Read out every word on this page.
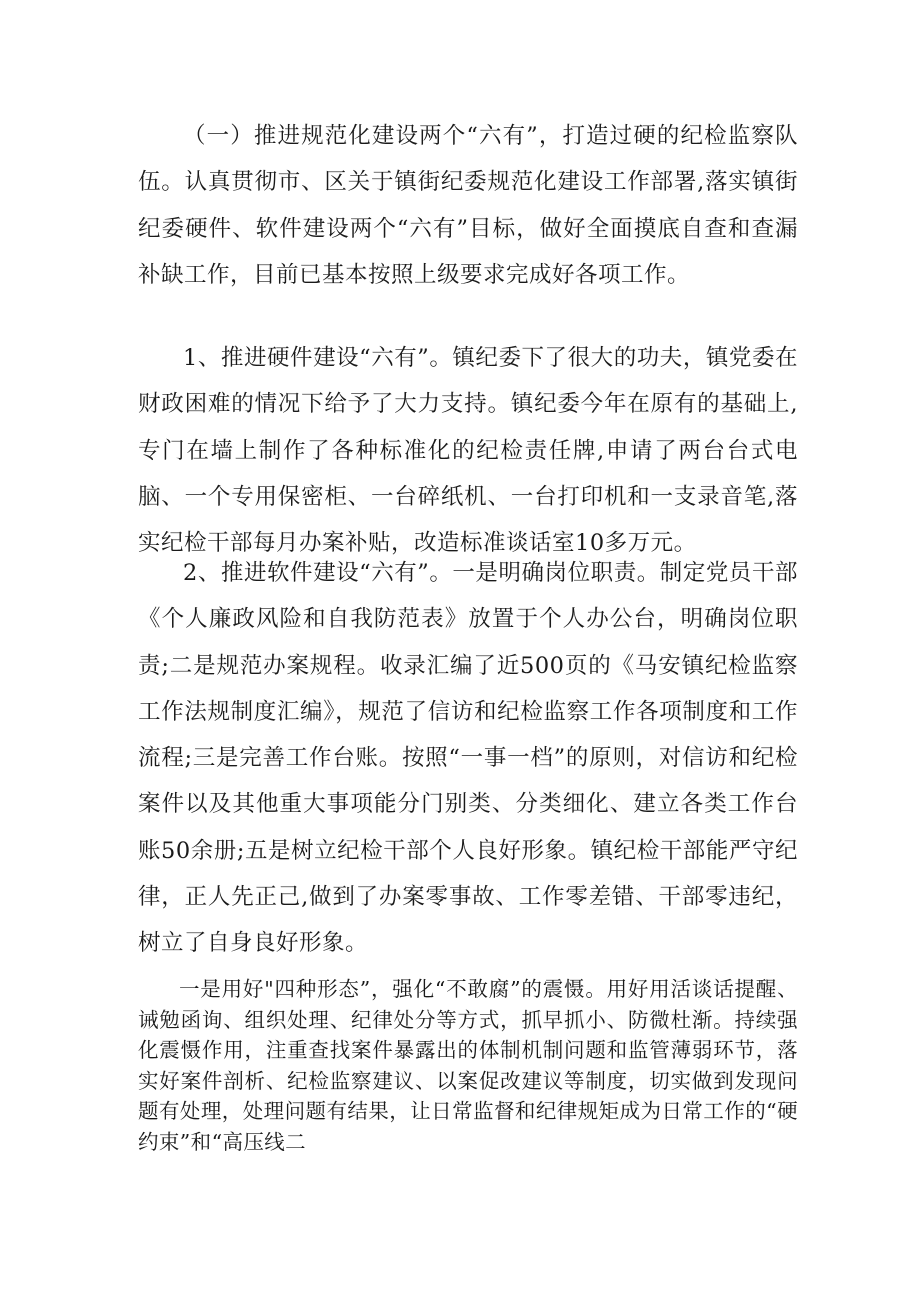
（一）推进规范化建设两个“六有”，打造过硬的纪检监察队伍。认真贯彻市、区关于镇街纪委规范化建设工作部署,落实镇街纪委硬件、软件建设两个“六有”目标，做好全面摸底自查和查漏补缺工作，目前已基本按照上级要求完成好各项工作。

1、推进硬件建设“六有”。镇纪委下了很大的功夫，镇党委在财政困难的情况下给予了大力支持。镇纪委今年在原有的基础上,专门在墙上制作了各种标准化的纪检责任牌,申请了两台台式电脑、一个专用保密柜、一台碎纸机、一台打印机和一支录音笔,落实纪检干部每月办案补贴，改造标准谈话室10多万元。

2、推进软件建设“六有”。一是明确岗位职责。制定党员干部《个人廉政风险和自我防范表》放置于个人办公台，明确岗位职责;二是规范办案规程。收录汇编了近500页的《马安镇纪检监察工作法规制度汇编》，规范了信访和纪检监察工作各项制度和工作流程;三是完善工作台账。按照“一事一档”的原则，对信访和纪检案件以及其他重大事项能分门别类、分类细化、建立各类工作台账50余册;五是树立纪检干部个人良好形象。镇纪检干部能严守纪律，正人先正己,做到了办案零事故、工作零差错、干部零违纪，树立了自身良好形象。

一是用好"四种形态”，强化“不敢腐”的震慑。用好用活谈话提醒、诫勉函询、组织处理、纪律处分等方式，抓早抓小、防微杜渐。持续强化震慑作用，注重查找案件暴露出的体制机制问题和监管薄弱环节，落实好案件剖析、纪检监察建议、以案促改建议等制度，切实做到发现问题有处理，处理问题有结果，让日常监督和纪律规矩成为日常工作的“硬约束”和“高压线二
